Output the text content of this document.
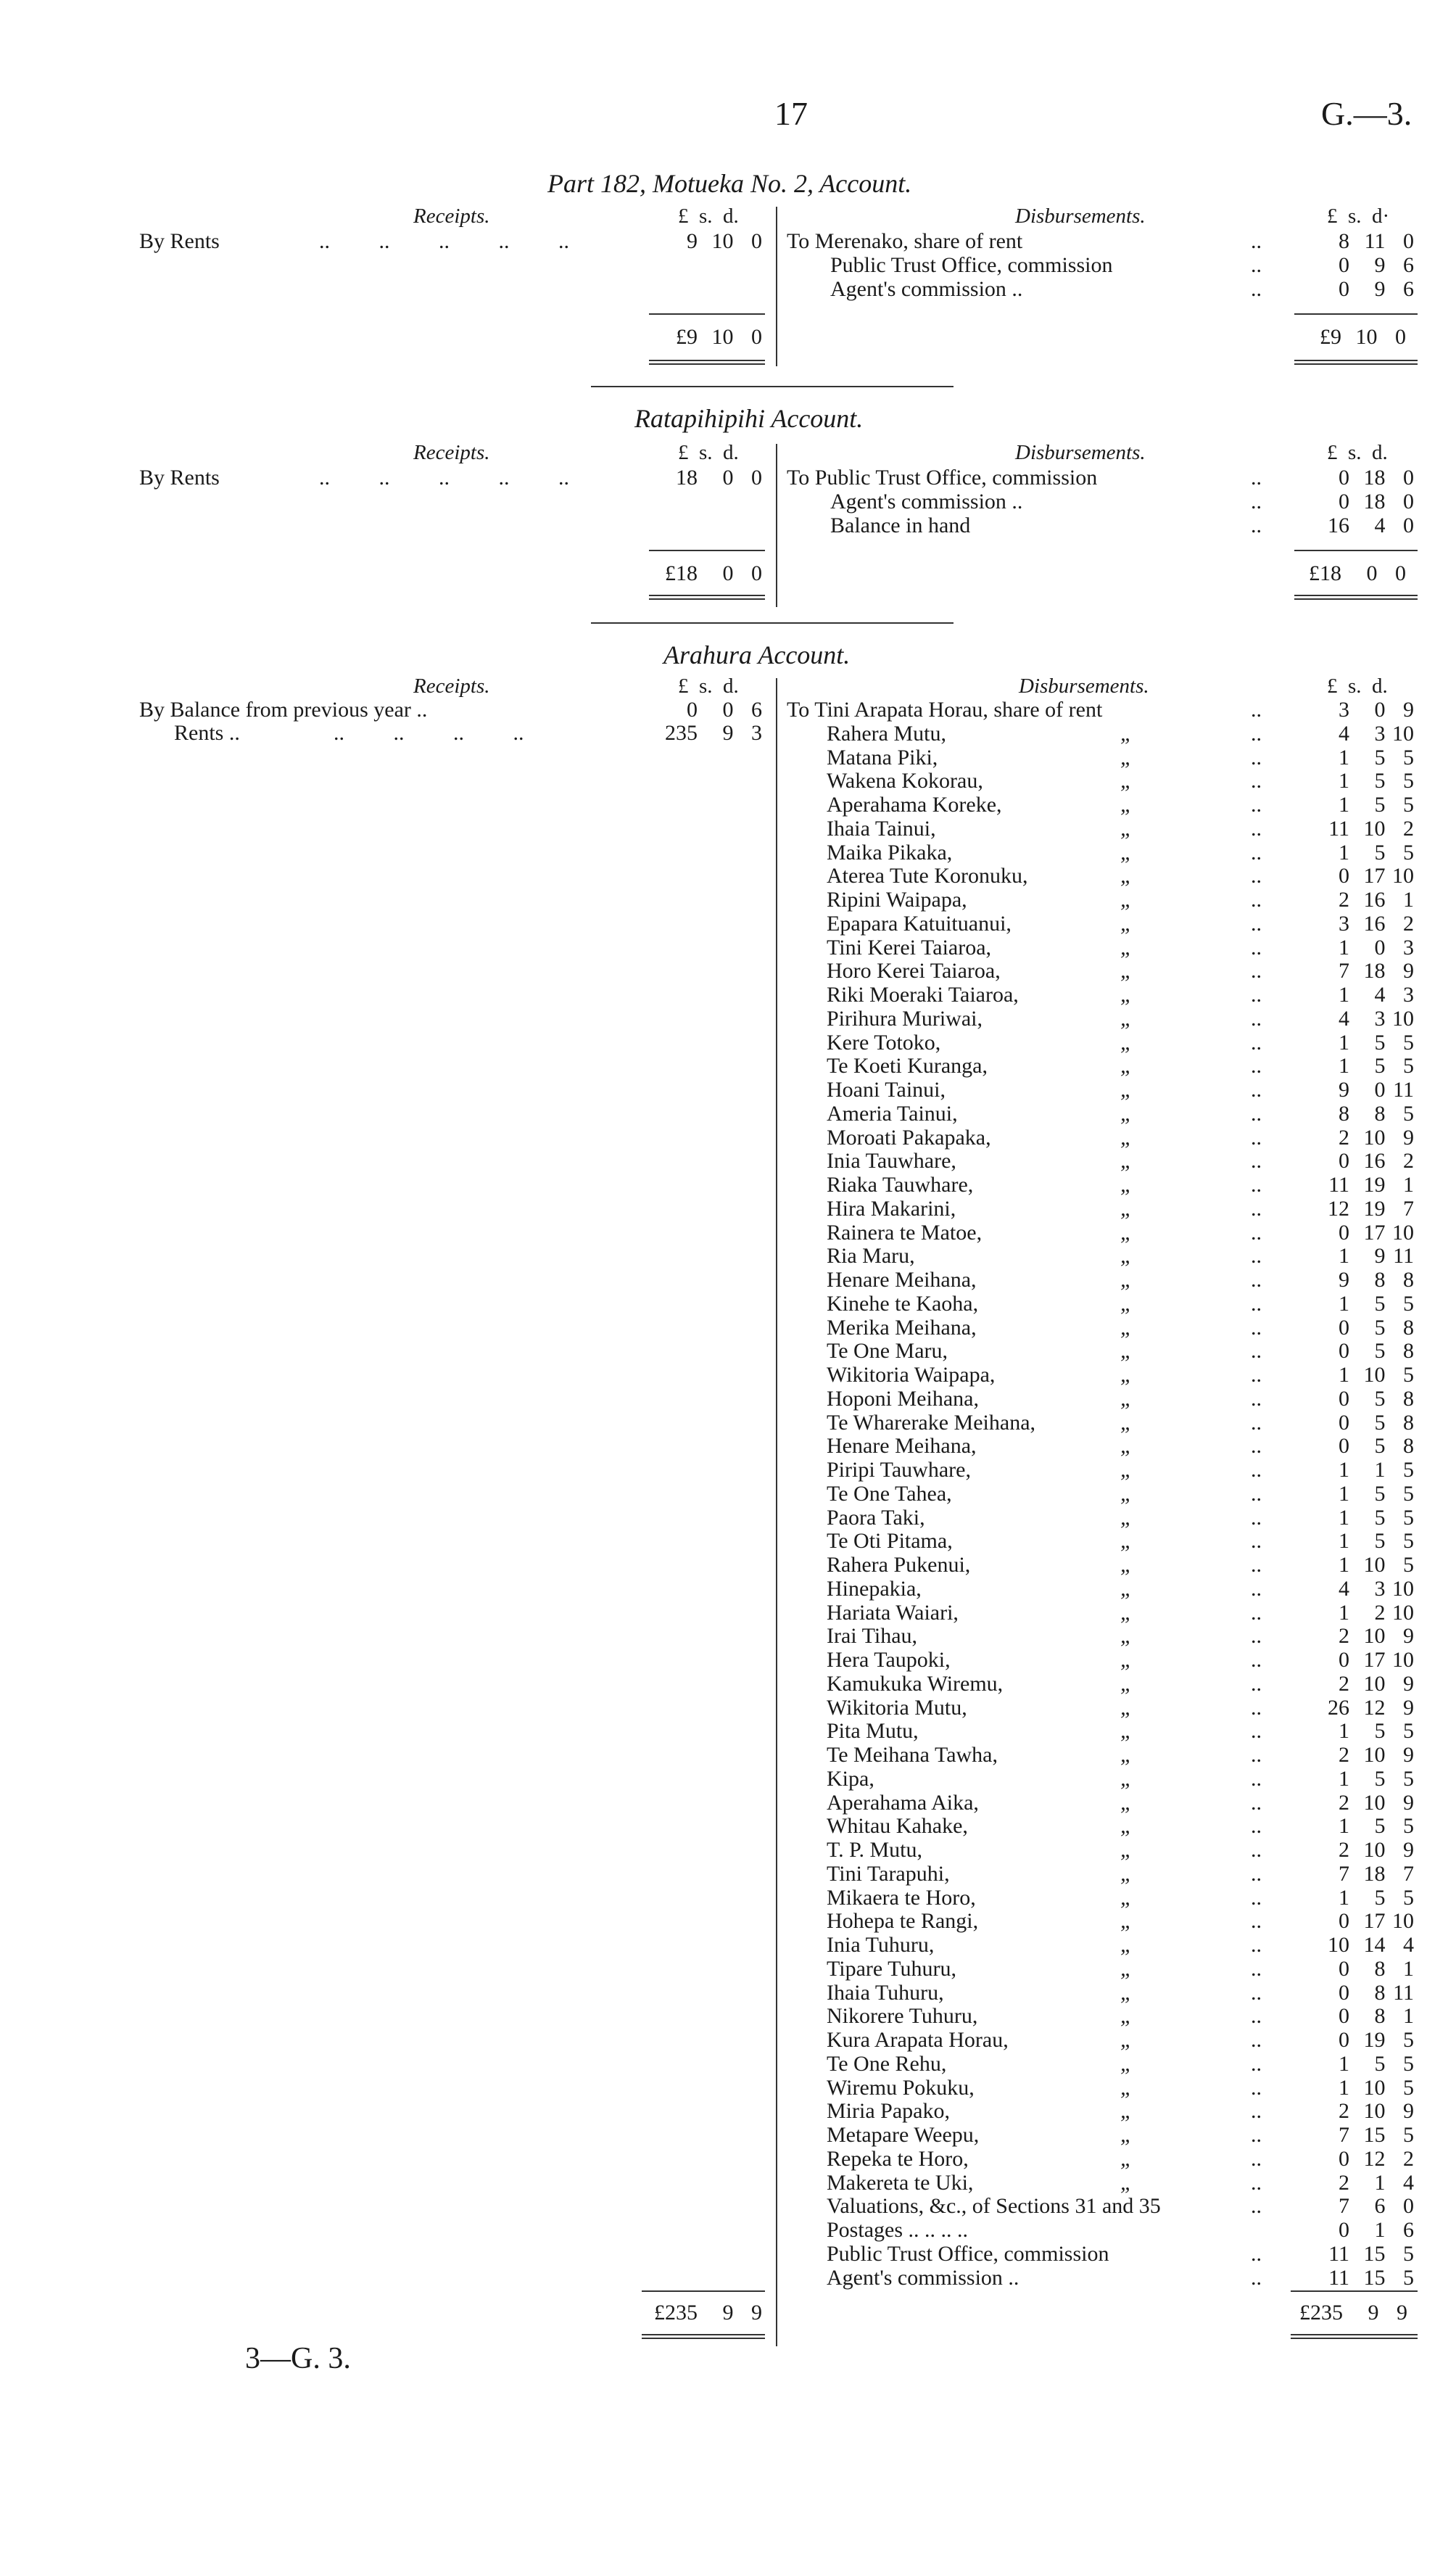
17	G.—3.
Part 182, Motueka No. 2, Account.
Receipts.	£ s. d.	Disbursements.	£ s. d·
By Rents	.. .. .. .. ..	9 10 0 To Merenako, share of rent	..	8 11 0
Public Trust Office, commission	..	0 9 6
Agent's commission ..	..	0 9 6
£9 10 0	£9 10 0
Ratapihipihi Account.
Receipts.	£ s. d.	Disbursements.	£ s. d.
By Rents	.. .. .. .. ..	18 0 0 To Public Trust Office, commission	..	0 18 0
Agent's commission ..	..	0 18 0
Balance in hand	..	16 4 0
£18 0 0	£18 0 0
Arahura Account.
Receipts.	£ s. d.	Disbursements.	£ s. d.
By Balance from previous year ..	0 0 6
Rents ..	.. .. .. ..	235 9 3
To Tini Arapata Horau, share of rent	..	3 0 9
Rahera Mutu,	„	..	4 3 10
Matana Piki,	„	..	1 5 5
Wakena Kokorau,	„	..	1 5 5
Aperahama Koreke,	„	..	1 5 5
Ihaia Tainui,	„	..	11 10 2
Maika Pikaka,	„	..	1 5 5
Aterea Tute Koronuku,	„	..	0 17 10
Ripini Waipapa,	„	..	2 16 1
Epapara Katuituanui,	„	..	3 16 2
Tini Kerei Taiaroa,	„	..	1 0 3
Horo Kerei Taiaroa,	„	..	7 18 9
Riki Moeraki Taiaroa,	„	..	1 4 3
Pirihura Muriwai,	„	..	4 3 10
Kere Totoko,	„	..	1 5 5
Te Koeti Kuranga,	„	..	1 5 5
Hoani Tainui,	„	..	9 0 11
Ameria Tainui,	„	..	8 8 5
Moroati Pakapaka,	„	..	2 10 9
Inia Tauwhare,	„	..	0 16 2
Riaka Tauwhare,	„	..	11 19 1
Hira Makarini,	„	..	12 19 7
Rainera te Matoe,	„	..	0 17 10
Ria Maru,	„	..	1 9 11
Henare Meihana,	„	..	9 8 8
Kinehe te Kaoha,	„	..	1 5 5
Merika Meihana,	„	..	0 5 8
Te One Maru,	„	..	0 5 8
Wikitoria Waipapa,	„	..	1 10 5
Hoponi Meihana,	„	..	0 5 8
Te Wharerake Meihana,	„	..	0 5 8
Henare Meihana,	„	..	0 5 8
Piripi Tauwhare,	„	..	1 1 5
Te One Tahea,	„	..	1 5 5
Paora Taki,	„	..	1 5 5
Te Oti Pitama,	„	..	1 5 5
Rahera Pukenui,	„	..	1 10 5
Hinepakia,	„	..	4 3 10
Hariata Waiari,	„	..	1 2 10
Irai Tihau,	„	..	2 10 9
Hera Taupoki,	„	..	0 17 10
Kamukuka Wiremu,	„	..	2 10 9
Wikitoria Mutu,	„	..	26 12 9
Pita Mutu,	„	..	1 5 5
Te Meihana Tawha,	„	..	2 10 9
Kipa,	„	..	1 5 5
Aperahama Aika,	„	..	2 10 9
Whitau Kahake,	„	..	1 5 5
T. P. Mutu,	„	..	2 10 9
Tini Tarapuhi,	„	..	7 18 7
Mikaera te Horo,	„	..	1 5 5
Hohepa te Rangi,	„	..	0 17 10
Inia Tuhuru,	„	..	10 14 4
Tipare Tuhuru,	„	..	0 8 1
Ihaia Tuhuru,	„	..	0 8 11
Nikorere Tuhuru,	„	..	0 8 1
Kura Arapata Horau,	„	..	0 19 5
Te One Rehu,	„	..	1 5 5
Wiremu Pokuku,	„	..	1 10 5
Miria Papako,	„	..	2 10 9
Metapare Weepu,	„	..	7 15 5
Repeka te Horo,	„	..	0 12 2
Makereta te Uki,	„	..	2 1 4
Valuations, &c., of Sections 31 and 35	..	7 6 0
Postages .. .. .. ..	0 1 6
Public Trust Office, commission	..	11 15 5
Agent's commission ..	..	11 15 5
£235 9 9	£235 9 9
3—G. 3.
